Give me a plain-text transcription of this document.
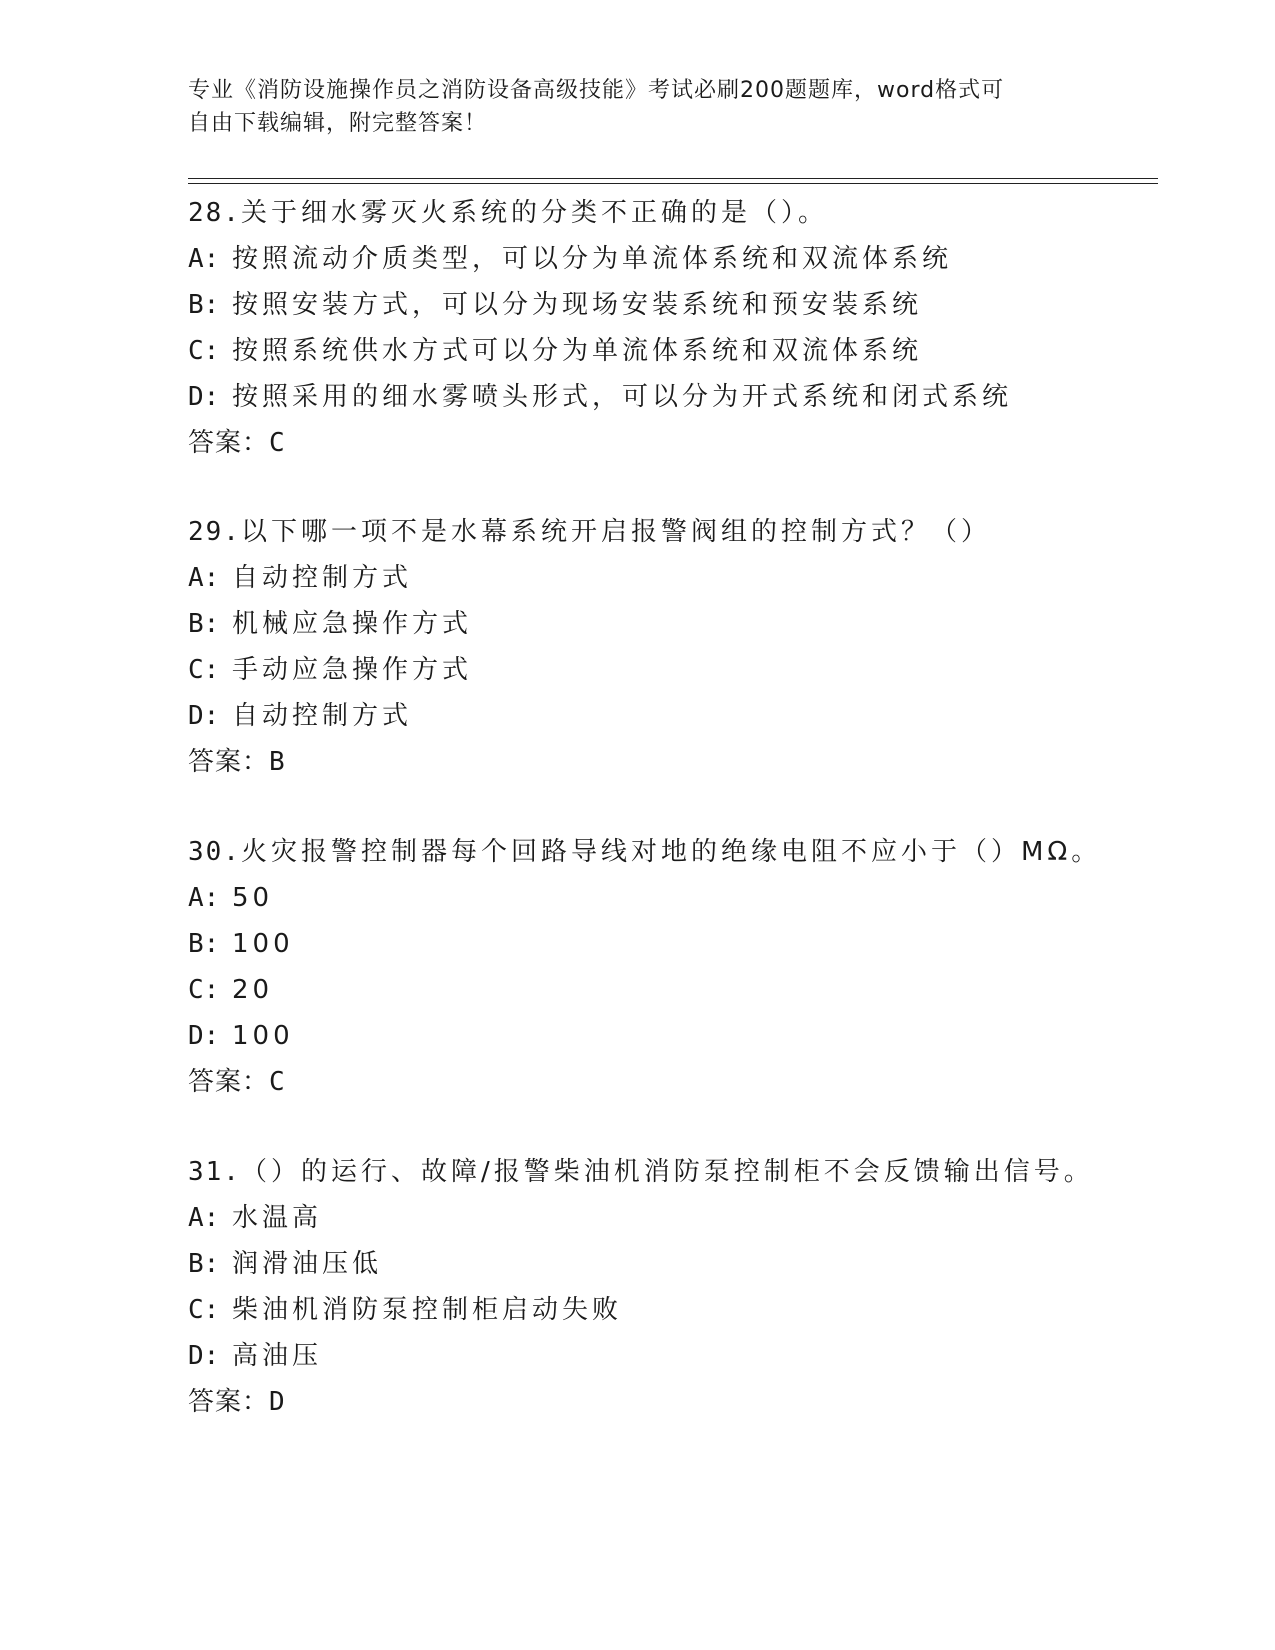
专业《消防设施操作员之消防设备高级技能》考试必刷200题题库，word格式可
自由下载编辑，附完整答案！
28.关于细水雾灭火系统的分类不正确的是（）。
A: 按照流动介质类型，可以分为单流体系统和双流体系统
B: 按照安装方式，可以分为现场安装系统和预安装系统
C: 按照系统供水方式可以分为单流体系统和双流体系统
D: 按照采用的细水雾喷头形式，可以分为开式系统和闭式系统
答案：C
29.以下哪一项不是水幕系统开启报警阀组的控制方式？（）
A: 自动控制方式
B: 机械应急操作方式
C: 手动应急操作方式
D: 自动控制方式
答案：B
30.火灾报警控制器每个回路导线对地的绝缘电阻不应小于（）MΩ。
A: 50
B: 100
C: 20
D: 100
答案：C
31.（）的运行、故障/报警柴油机消防泵控制柜不会反馈输出信号。
A: 水温高
B: 润滑油压低
C: 柴油机消防泵控制柜启动失败
D: 高油压
答案：D
